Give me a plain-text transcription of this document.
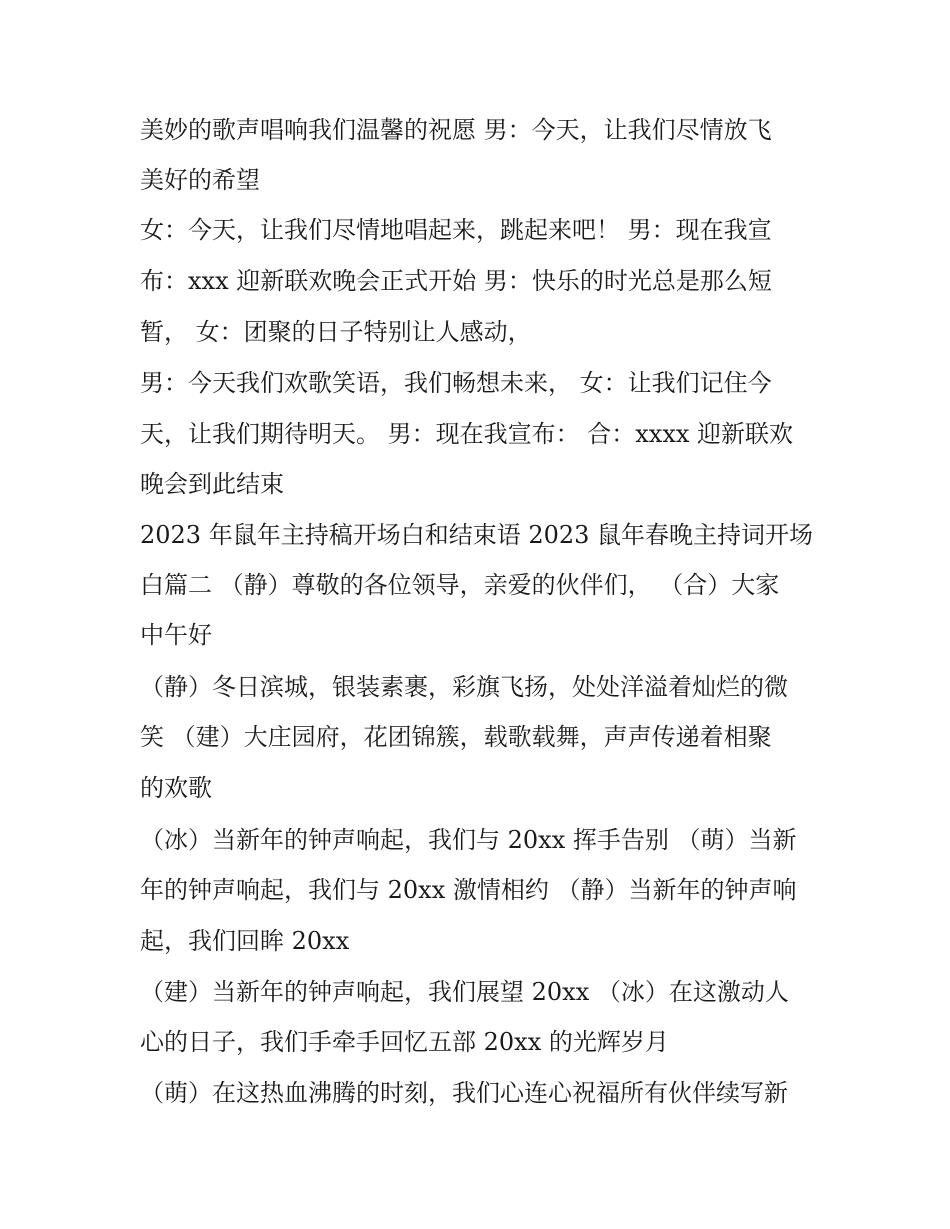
美妙的歌声唱响我们温馨的祝愿 男：今天，让我们尽情放飞
美好的希望
女：今天，让我们尽情地唱起来，跳起来吧！ 男：现在我宣
布：xxx 迎新联欢晚会正式开始 男：快乐的时光总是那么短
暂， 女：团聚的日子特别让人感动，
男：今天我们欢歌笑语，我们畅想未来， 女：让我们记住今
天，让我们期待明天。 男：现在我宣布： 合：xxxx 迎新联欢
晚会到此结束
2023 年鼠年主持稿开场白和结束语 2023 鼠年春晚主持词开场
白篇二 （静）尊敬的各位领导，亲爱的伙伴们， （合）大家
中午好
（静）冬日滨城，银装素裹，彩旗飞扬，处处洋溢着灿烂的微
笑 （建）大庄园府，花团锦簇，载歌载舞，声声传递着相聚
的欢歌
（冰）当新年的钟声响起，我们与 20xx 挥手告别 （萌）当新
年的钟声响起，我们与 20xx 激情相约 （静）当新年的钟声响
起，我们回眸 20xx
（建）当新年的钟声响起，我们展望 20xx （冰）在这激动人
心的日子，我们手牵手回忆五部 20xx 的光辉岁月
（萌）在这热血沸腾的时刻，我们心连心祝福所有伙伴续写新
